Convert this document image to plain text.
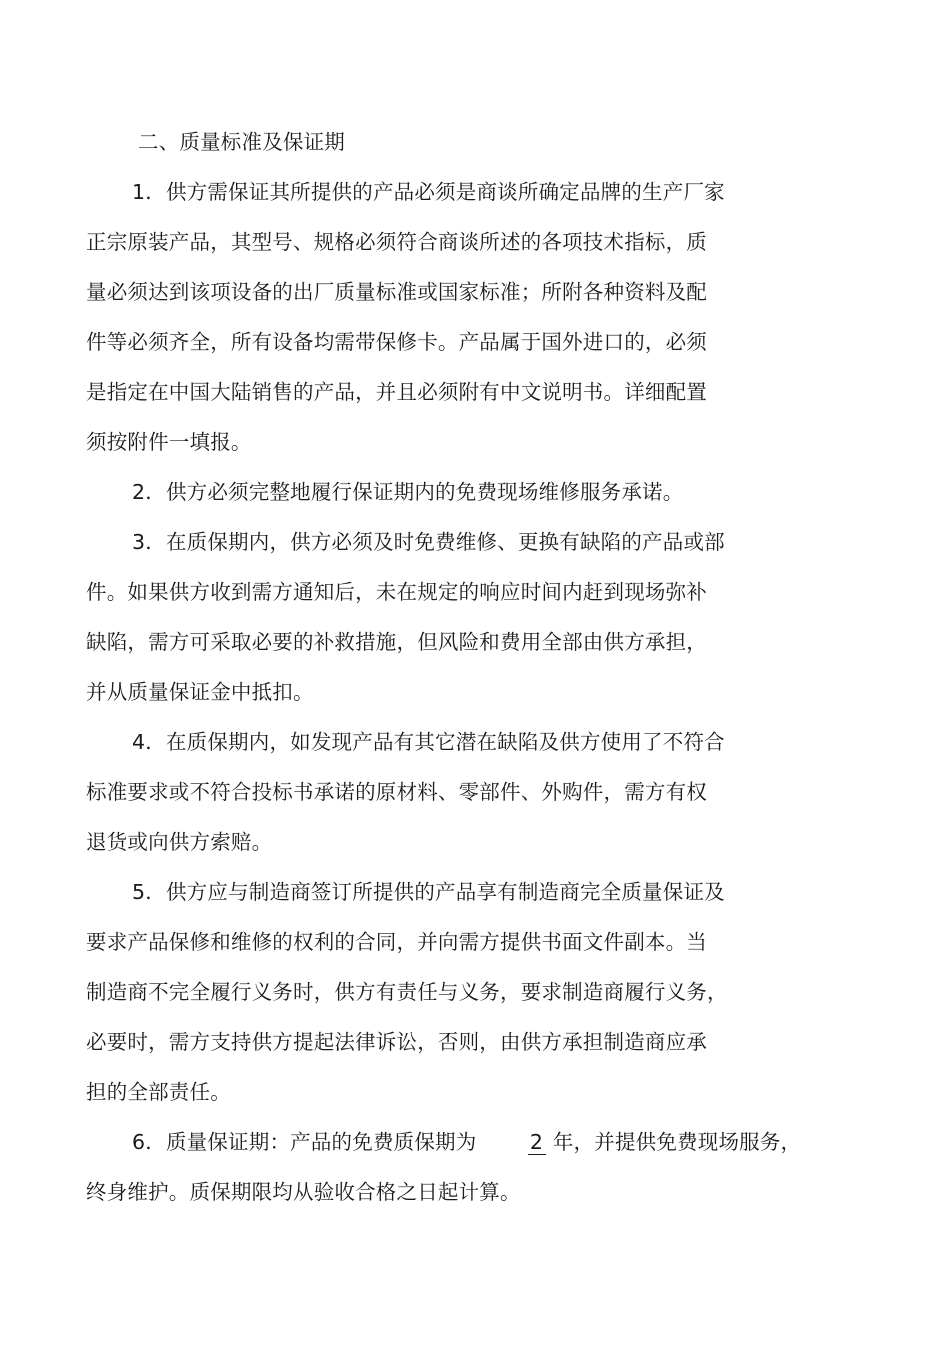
二、质量标准及保证期
1．供方需保证其所提供的产品必须是商谈所确定品牌的生产厂家
正宗原装产品，其型号、规格必须符合商谈所述的各项技术指标，质
量必须达到该项设备的出厂质量标准或国家标准；所附各种资料及配
件等必须齐全，所有设备均需带保修卡。产品属于国外进口的，必须
是指定在中国大陆销售的产品，并且必须附有中文说明书。详细配置
须按附件一填报。
2．供方必须完整地履行保证期内的免费现场维修服务承诺。
3．在质保期内，供方必须及时免费维修、更换有缺陷的产品或部
件。如果供方收到需方通知后，未在规定的响应时间内赶到现场弥补
缺陷，需方可采取必要的补救措施，但风险和费用全部由供方承担，
并从质量保证金中抵扣。
4．在质保期内，如发现产品有其它潜在缺陷及供方使用了不符合
标准要求或不符合投标书承诺的原材料、零部件、外购件，需方有权
退货或向供方索赔。
5．供方应与制造商签订所提供的产品享有制造商完全质量保证及
要求产品保修和维修的权利的合同，并向需方提供书面文件副本。当
制造商不完全履行义务时，供方有责任与义务，要求制造商履行义务，
必要时，需方支持供方提起法律诉讼，否则，由供方承担制造商应承
担的全部责任。
6．质量保证期：产品的免费质保期为	2 年，并提供免费现场服务，
终身维护。质保期限均从验收合格之日起计算。
